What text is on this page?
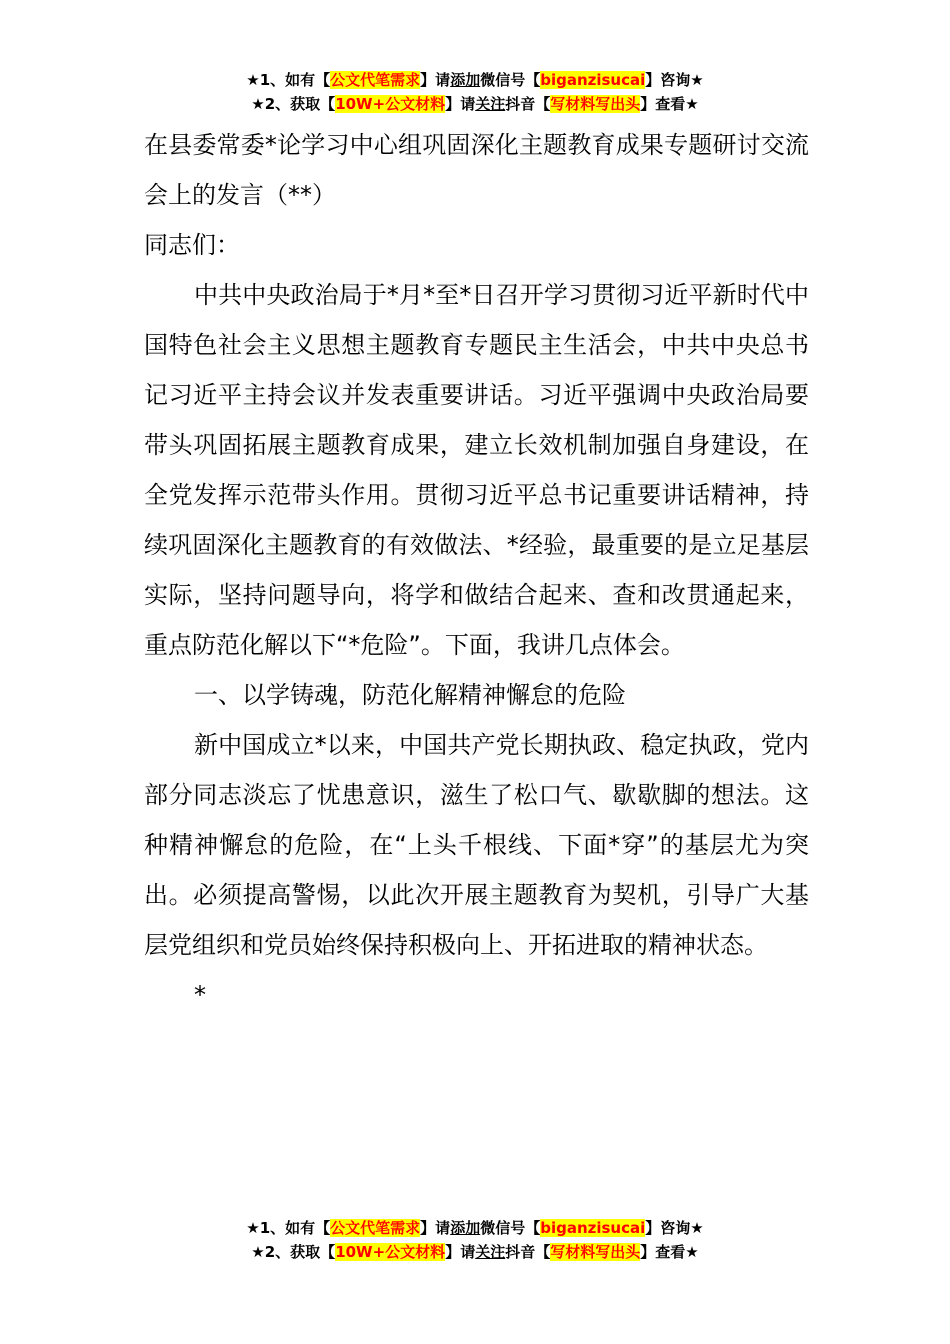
★1、如有【公文代笔需求】请添加微信号【biganzisucai】咨询★
★2、获取【10W+公文材料】请关注抖音【写材料写出头】查看★

在县委常委*论学习中心组巩固深化主题教育成果专题研讨交流会上的发言（**）

同志们：

中共中央政治局于*月*至*日召开学习贯彻习近平新时代中国特色社会主义思想主题教育专题民主生活会，中共中央总书记习近平主持会议并发表重要讲话。习近平强调中央政治局要带头巩固拓展主题教育成果，建立长效机制加强自身建设，在全党发挥示范带头作用。贯彻习近平总书记重要讲话精神，持续巩固深化主题教育的有效做法、*经验，最重要的是立足基层实际，坚持问题导向，将学和做结合起来、查和改贯通起来，重点防范化解以下“*危险”。下面，我讲几点体会。

一、以学铸魂，防范化解精神懈怠的危险

新中国成立*以来，中国共产党长期执政、稳定执政，党内部分同志淡忘了忧患意识，滋生了松口气、歇歇脚的想法。这种精神懈怠的危险，在“上头千根线、下面*穿”的基层尤为突出。必须提高警惕，以此次开展主题教育为契机，引导广大基层党组织和党员始终保持积极向上、开拓进取的精神状态。

*

★1、如有【公文代笔需求】请添加微信号【biganzisucai】咨询★
★2、获取【10W+公文材料】请关注抖音【写材料写出头】查看★
